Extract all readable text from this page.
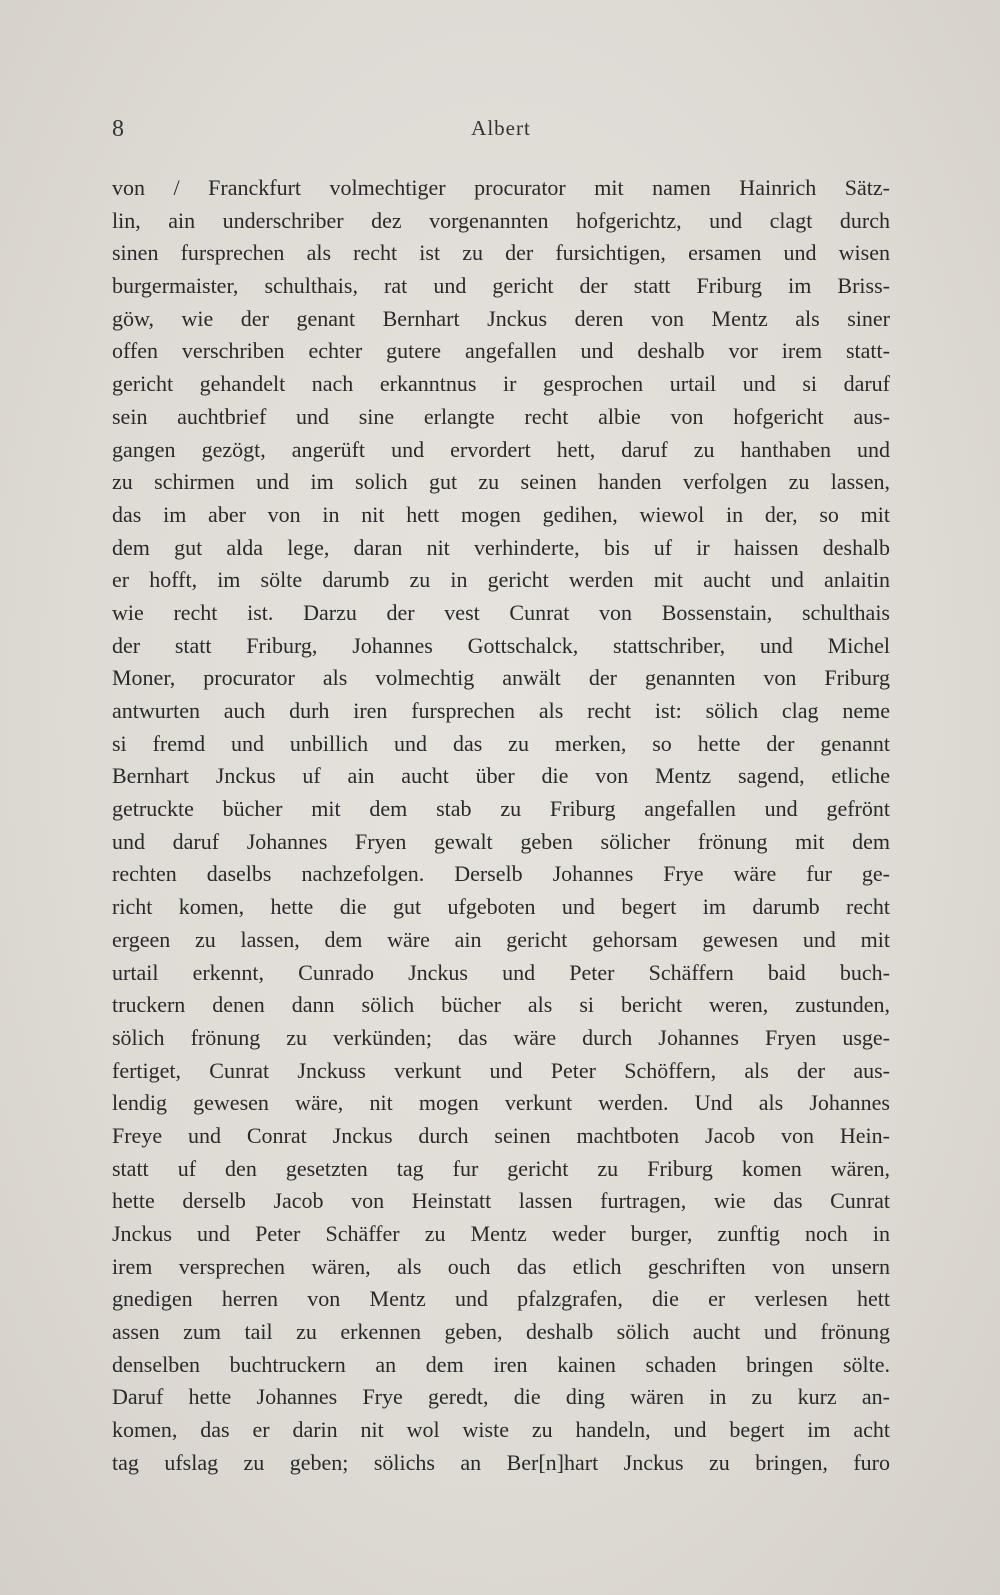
8	Albert
von / Franckfurt volmechtiger procurator mit namen Hainrich Sätz-
lin, ain underschriber dez vorgenannten hofgerichtz, und clagt durch
sinen fursprechen als recht ist zu der fursichtigen, ersamen und wisen
burgermaister, schulthais, rat und gericht der statt Friburg im Briss-
göw, wie der genant Bernhart Jnckus deren von Mentz als siner
offen verschriben echter gutere angefallen und deshalb vor irem statt-
gericht gehandelt nach erkanntnus ir gesprochen urtail und si daruf
sein auchtbrief und sine erlangte recht albie von hofgericht aus-
gangen gezögt, angerüft und ervordert hett, daruf zu hanthaben und
zu schirmen und im solich gut zu seinen handen verfolgen zu lassen,
das im aber von in nit hett mogen gedihen, wiewol in der, so mit
dem gut alda lege, daran nit verhinderte, bis uf ir haissen deshalb
er hofft, im sölte darumb zu in gericht werden mit aucht und anlaitin
wie recht ist. Darzu der vest Cunrat von Bossenstain, schulthais
der statt Friburg, Johannes Gottschalck, stattschriber, und Michel
Moner, procurator als volmechtig anwält der genannten von Friburg
antwurten auch durh iren fursprechen als recht ist: sölich clag neme
si fremd und unbillich und das zu merken, so hette der genannt
Bernhart Jnckus uf ain aucht über die von Mentz sagend, etliche
getruckte bücher mit dem stab zu Friburg angefallen und gefrönt
und daruf Johannes Fryen gewalt geben sölicher frönung mit dem
rechten daselbs nachzefolgen. Derselb Johannes Frye wäre fur ge-
richt komen, hette die gut ufgeboten und begert im darumb recht
ergeen zu lassen, dem wäre ain gericht gehorsam gewesen und mit
urtail erkennt, Cunrado Jnckus und Peter Schäffern baid buch-
truckern denen dann sölich bücher als si bericht weren, zustunden,
sölich frönung zu verkünden; das wäre durch Johannes Fryen usge-
fertiget, Cunrat Jnckuss verkunt und Peter Schöffern, als der aus-
lendig gewesen wäre, nit mogen verkunt werden. Und als Johannes
Freye und Conrat Jnckus durch seinen machtboten Jacob von Hein-
statt uf den gesetzten tag fur gericht zu Friburg komen wären,
hette derselb Jacob von Heinstatt lassen furtragen, wie das Cunrat
Jnckus und Peter Schäffer zu Mentz weder burger, zunftig noch in
irem versprechen wären, als ouch das etlich geschriften von unsern
gnedigen herren von Mentz und pfalzgrafen, die er verlesen hett
assen zum tail zu erkennen geben, deshalb sölich aucht und frönung
denselben buchtruckern an dem iren kainen schaden bringen sölte.
Daruf hette Johannes Frye geredt, die ding wären in zu kurz an-
komen, das er darin nit wol wiste zu handeln, und begert im acht
tag ufslag zu geben; sölichs an Ber[n]hart Jnckus zu bringen, furo
